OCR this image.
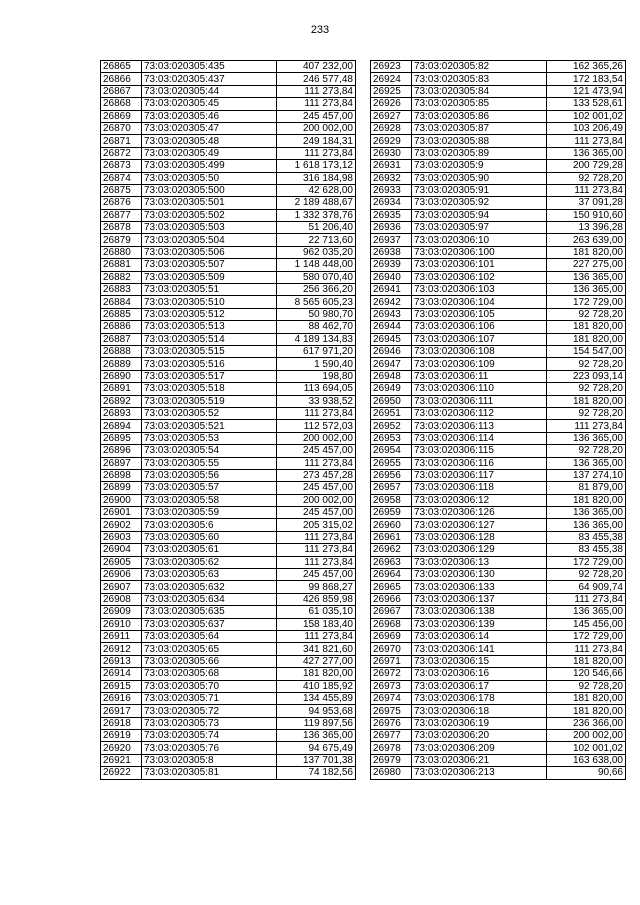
233
26865	73:03:020305:435	407 232,00
26866	73:03:020305:437	246 577,48
26867	73:03:020305:44	111 273,84
26868	73:03:020305:45	111 273,84
26869	73:03:020305:46	245 457,00
26870	73:03:020305:47	200 002,00
26871	73:03:020305:48	249 184,31
26872	73:03:020305:49	111 273,84
26873	73:03:020305:499	1 618 173,12
26874	73:03:020305:50	316 184,98
26875	73:03:020305:500	42 628,00
26876	73:03:020305:501	2 189 488,67
26877	73:03:020305:502	1 332 378,76
26878	73:03:020305:503	51 206,40
26879	73:03:020305:504	22 713,60
26880	73:03:020305:506	962 035,20
26881	73:03:020305:507	1 148 448,00
26882	73:03:020305:509	580 070,40
26883	73:03:020305:51	256 366,20
26884	73:03:020305:510	8 565 605,23
26885	73:03:020305:512	50 980,70
26886	73:03:020305:513	88 462,70
26887	73:03:020305:514	4 189 134,83
26888	73:03:020305:515	617 971,20
26889	73:03:020305:516	1 590,40
26890	73:03:020305:517	198,80
26891	73:03:020305:518	113 694,05
26892	73:03:020305:519	33 938,52
26893	73:03:020305:52	111 273,84
26894	73:03:020305:521	112 572,03
26895	73:03:020305:53	200 002,00
26896	73:03:020305:54	245 457,00
26897	73:03:020305:55	111 273,84
26898	73:03:020305:56	273 457,28
26899	73:03:020305:57	245 457,00
26900	73:03:020305:58	200 002,00
26901	73:03:020305:59	245 457,00
26902	73:03:020305:6	205 315,02
26903	73:03:020305:60	111 273,84
26904	73:03:020305:61	111 273,84
26905	73:03:020305:62	111 273,84
26906	73:03:020305:63	245 457,00
26907	73:03:020305:632	99 868,27
26908	73:03:020305:634	426 859,98
26909	73:03:020305:635	61 035,10
26910	73:03:020305:637	158 183,40
26911	73:03:020305:64	111 273,84
26912	73:03:020305:65	341 821,60
26913	73:03:020305:66	427 277,00
26914	73:03:020305:68	181 820,00
26915	73:03:020305:70	410 185,92
26916	73:03:020305:71	134 455,89
26917	73:03:020305:72	94 953,68
26918	73:03:020305:73	119 897,56
26919	73:03:020305:74	136 365,00
26920	73:03:020305:76	94 675,49
26921	73:03:020305:8	137 701,38
26922	73:03:020305:81	74 182,56
26923	73:03:020305:82	162 365,26
26924	73:03:020305:83	172 183,54
26925	73:03:020305:84	121 473,94
26926	73:03:020305:85	133 528,61
26927	73:03:020305:86	102 001,02
26928	73:03:020305:87	103 206,49
26929	73:03:020305:88	111 273,84
26930	73:03:020305:89	136 365,00
26931	73:03:020305:9	200 729,28
26932	73:03:020305:90	92 728,20
26933	73:03:020305:91	111 273,84
26934	73:03:020305:92	37 091,28
26935	73:03:020305:94	150 910,60
26936	73:03:020305:97	13 396,28
26937	73:03:020306:10	263 639,00
26938	73:03:020306:100	181 820,00
26939	73:03:020306:101	227 275,00
26940	73:03:020306:102	136 365,00
26941	73:03:020306:103	136 365,00
26942	73:03:020306:104	172 729,00
26943	73:03:020306:105	92 728,20
26944	73:03:020306:106	181 820,00
26945	73:03:020306:107	181 820,00
26946	73:03:020306:108	154 547,00
26947	73:03:020306:109	92 728,20
26948	73:03:020306:11	223 093,14
26949	73:03:020306:110	92 728,20
26950	73:03:020306:111	181 820,00
26951	73:03:020306:112	92 728,20
26952	73:03:020306:113	111 273,84
26953	73:03:020306:114	136 365,00
26954	73:03:020306:115	92 728,20
26955	73:03:020306:116	136 365,00
26956	73:03:020306:117	137 274,10
26957	73:03:020306:118	81 879,00
26958	73:03:020306:12	181 820,00
26959	73:03:020306:126	136 365,00
26960	73:03:020306:127	136 365,00
26961	73:03:020306:128	83 455,38
26962	73:03:020306:129	83 455,38
26963	73:03:020306:13	172 729,00
26964	73:03:020306:130	92 728,20
26965	73:03:020306:133	64 909,74
26966	73:03:020306:137	111 273,84
26967	73:03:020306:138	136 365,00
26968	73:03:020306:139	145 456,00
26969	73:03:020306:14	172 729,00
26970	73:03:020306:141	111 273,84
26971	73:03:020306:15	181 820,00
26972	73:03:020306:16	120 546,66
26973	73:03:020306:17	92 728,20
26974	73:03:020306:178	181 820,00
26975	73:03:020306:18	181 820,00
26976	73:03:020306:19	236 366,00
26977	73:03:020306:20	200 002,00
26978	73:03:020306:209	102 001,02
26979	73:03:020306:21	163 638,00
26980	73:03:020306:213	90,66
